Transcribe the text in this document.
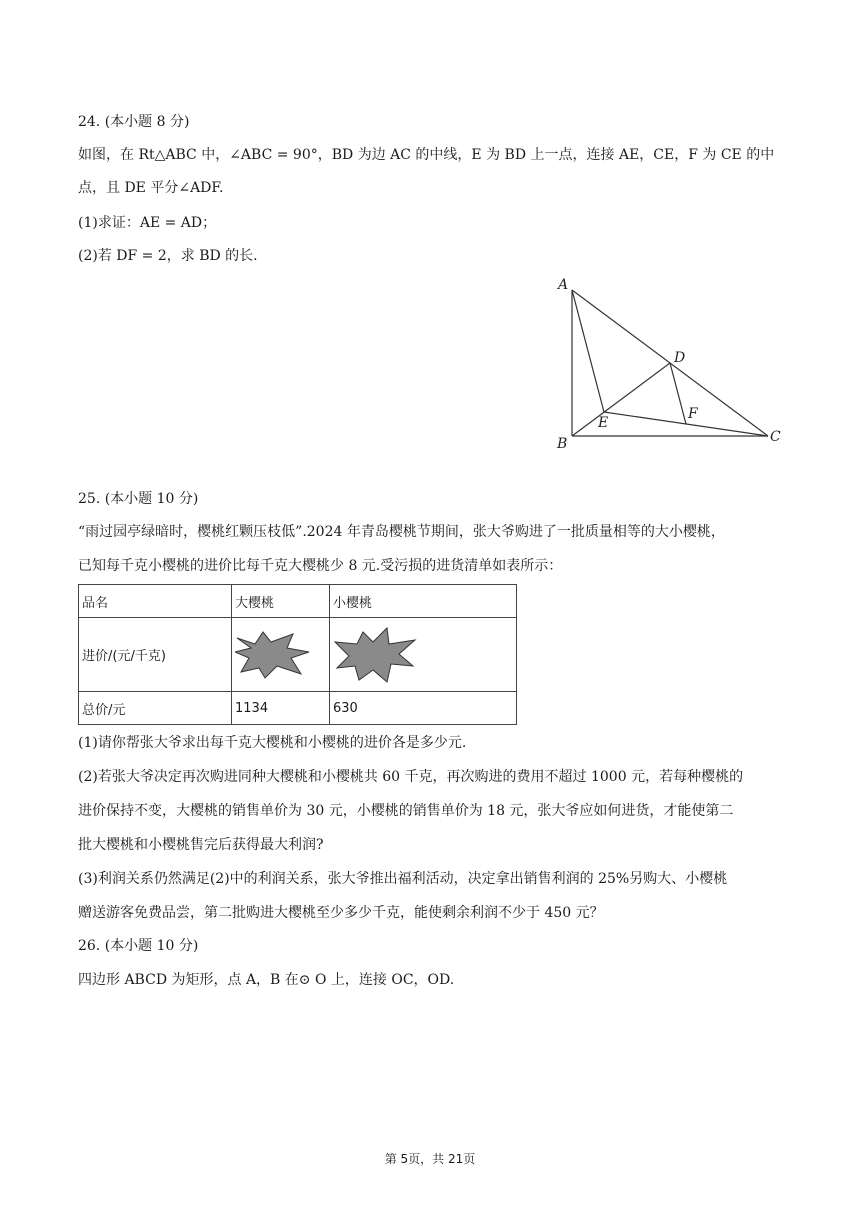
24. (本小题 8 分)
如图，在 Rt△ABC 中，∠ABC = 90°，BD 为边 AC 的中线，E 为 BD 上一点，连接 AE，CE，F 为 CE 的中
点，且 DE 平分∠ADF.
(1)求证：AE = AD；
(2)若 DF = 2，求 BD 的长.
A
B	C
D
E
F
25. (本小题 10 分)
“雨过园亭绿暗时，樱桃红颗压枝低”.2024 年青岛樱桃节期间，张大爷购进了一批质量相等的大小樱桃，
已知每千克小樱桃的进价比每千克大樱桃少 8 元.受污损的进货清单如表所示：
品名	大樱桃	小樱桃
进价/(元/千克)	

总价/元	1134	630
(1)请你帮张大爷求出每千克大樱桃和小樱桃的进价各是多少元.
(2)若张大爷决定再次购进同种大樱桃和小樱桃共 60 千克，再次购进的费用不超过 1000 元，若每种樱桃的
进价保持不变，大樱桃的销售单价为 30 元，小樱桃的销售单价为 18 元，张大爷应如何进货，才能使第二
批大樱桃和小樱桃售完后获得最大利润?
(3)利润关系仍然满足(2)中的利润关系，张大爷推出福利活动，决定拿出销售利润的 25%另购大、小樱桃
赠送游客免费品尝，第二批购进大樱桃至少多少千克，能使剩余利润不少于 450 元？
26. (本小题 10 分)
四边形 ABCD 为矩形，点 A，B 在⊙ O 上，连接 OC，OD.
第 5页，共 21页
